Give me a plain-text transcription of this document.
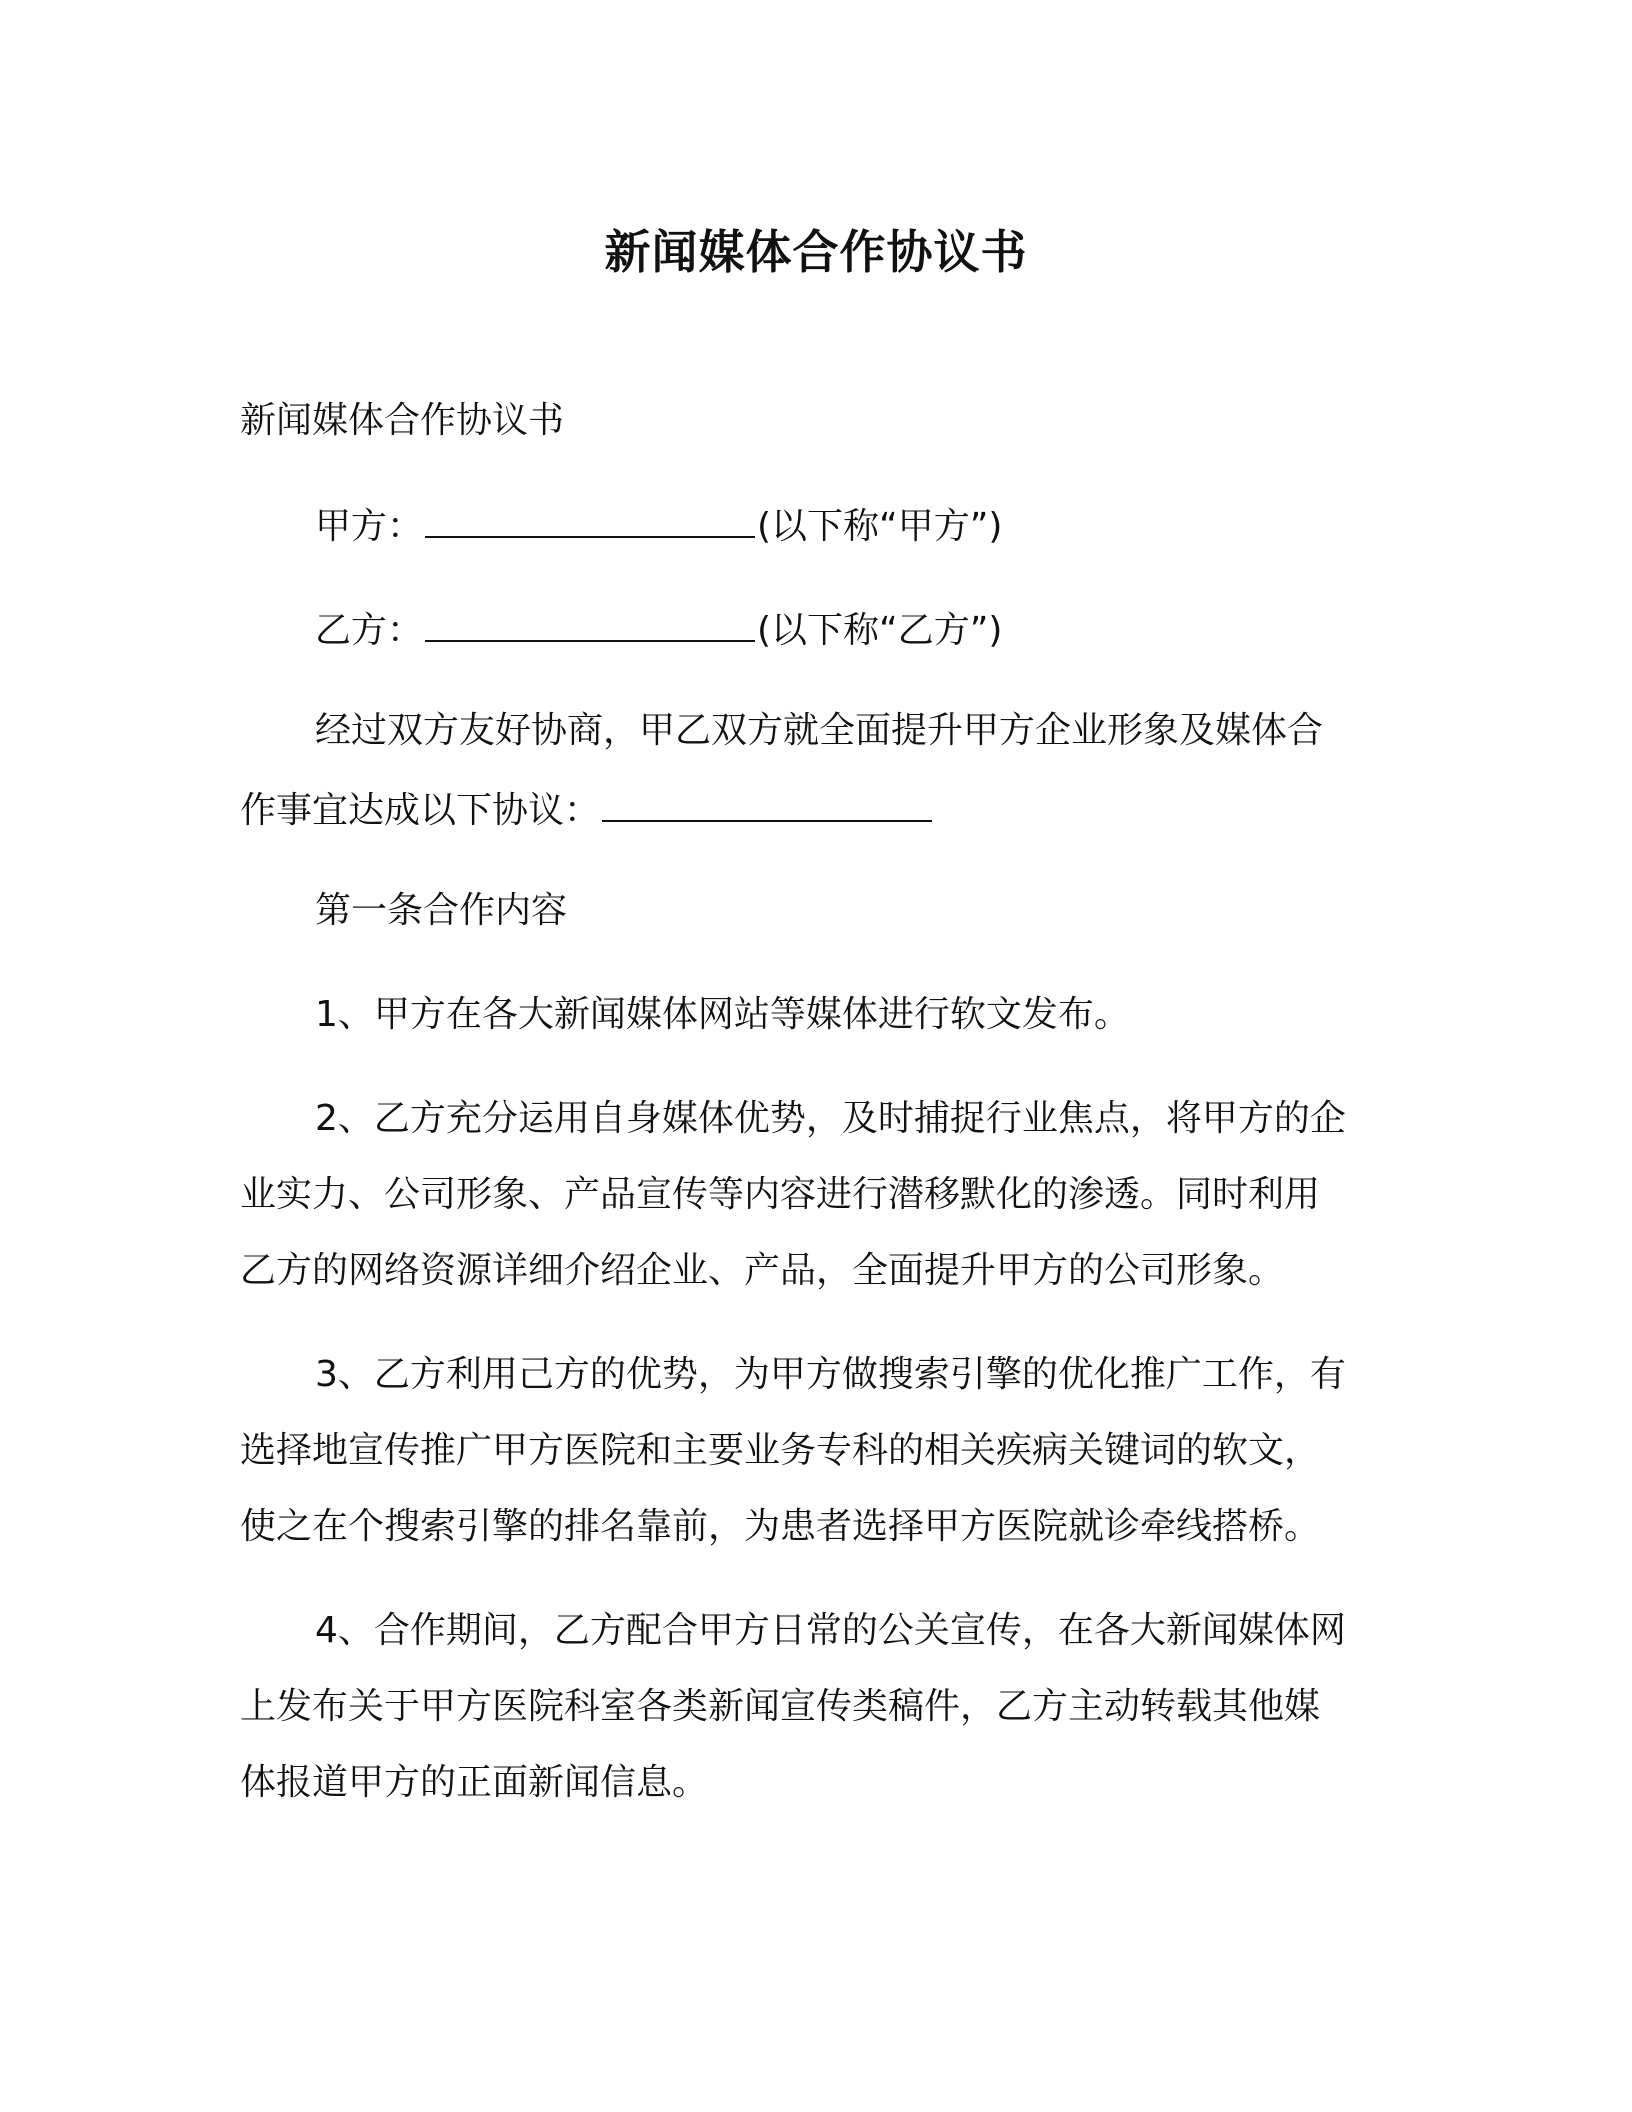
新闻媒体合作协议书
新闻媒体合作协议书
甲方：	(以下称“甲方”)
乙方：	(以下称“乙方”)
经过双方友好协商，甲乙双方就全面提升甲方企业形象及媒体合
作事宜达成以下协议：
第一条合作内容
1、甲方在各大新闻媒体网站等媒体进行软文发布。
2、乙方充分运用自身媒体优势，及时捕捉行业焦点，将甲方的企
业实力、公司形象、产品宣传等内容进行潜移默化的渗透。同时利用
乙方的网络资源详细介绍企业、产品，全面提升甲方的公司形象。
3、乙方利用己方的优势，为甲方做搜索引擎的优化推广工作，有
选择地宣传推广甲方医院和主要业务专科的相关疾病关键词的软文，
使之在个搜索引擎的排名靠前，为患者选择甲方医院就诊牵线搭桥。
4、合作期间，乙方配合甲方日常的公关宣传，在各大新闻媒体网
上发布关于甲方医院科室各类新闻宣传类稿件，乙方主动转载其他媒
体报道甲方的正面新闻信息。
